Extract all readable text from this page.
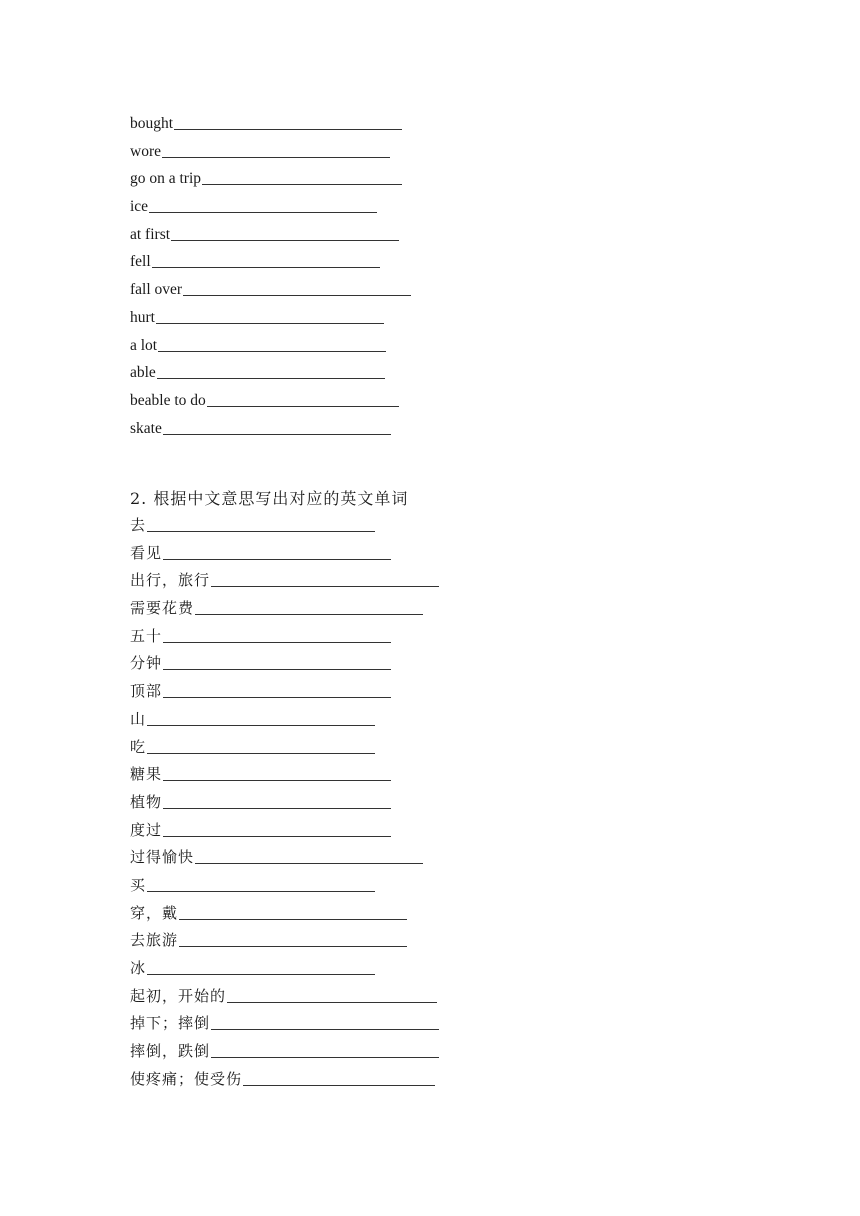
bought
wore
go on a trip
ice
at first
fell
fall over
hurt
a lot
able
beable to do
skate
2. 根据中文意思写出对应的英文单词
去
看见
出行，旅行
需要花费
五十
分钟
顶部
山
吃
糖果
植物
度过
过得愉快
买
穿，戴
去旅游
冰
起初，开始的
掉下；摔倒
摔倒，跌倒
使疼痛；使受伤
